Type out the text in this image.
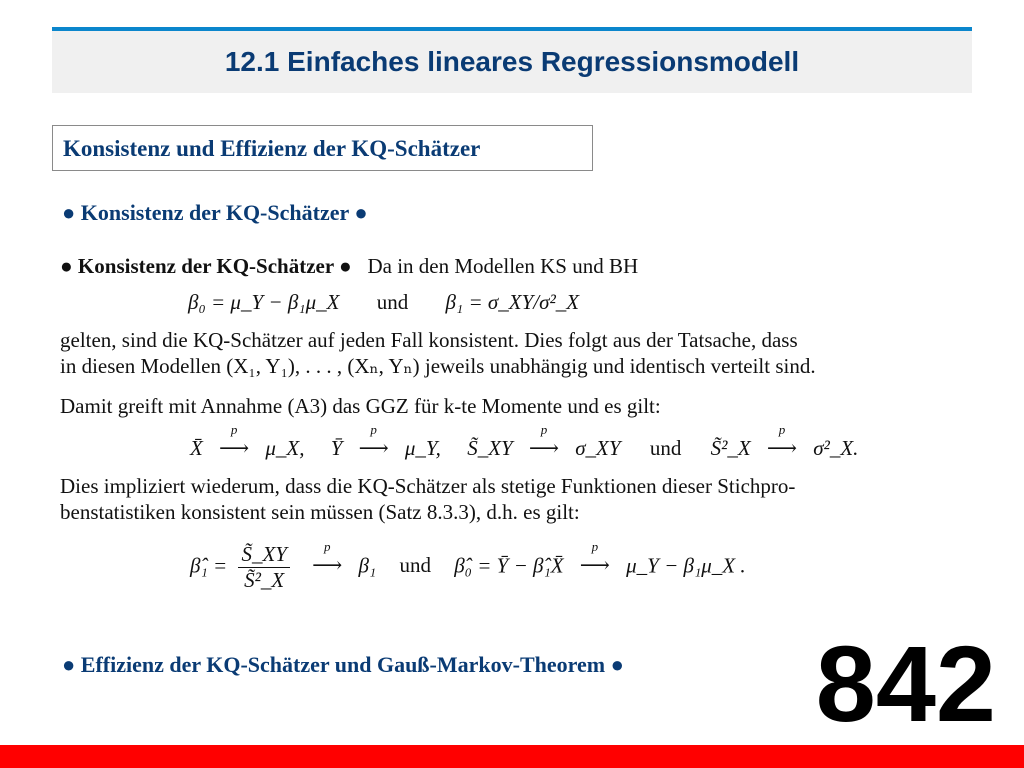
12.1 Einfaches lineares Regressionsmodell
Konsistenz und Effizienz der KQ-Schätzer
● Konsistenz der KQ-Schätzer ●
● Konsistenz der KQ-Schätzer ● Da in den Modellen KS und BH
β₀ = μ_Y − β₁μ_X und β₁ = σ_XY/σ²_X
gelten, sind die KQ-Schätzer auf jeden Fall konsistent. Dies folgt aus der Tatsache, dass
in diesen Modellen (X₁, Y₁), . . . , (Xₙ, Yₙ) jeweils unabhängig und identisch verteilt sind.
Damit greift mit Annahme (A3) das GGZ für k-te Momente und es gilt:
X̄
p
⟶ μ_X, Ȳ
p
⟶ μ_Y, S̃_XY
p
⟶ σ_XY und S̃²_X
p
⟶ σ²_X.
Dies impliziert wiederum, dass die KQ-Schätzer als stetige Funktionen dieser Stichpro-
benstatistiken konsistent sein müssen (Satz 8.3.3), d.h. es gilt:
β̂₁ = $\frac{S̃\_XY}{\text{S̃²\_X}}$
	p
⟶ β₁ und β̂₀ = Ȳ − β̂₁X̄
p
⟶ μ_Y − β₁μ_X .
● Effizienz der KQ-Schätzer und Gauß-Markov-Theorem ● 842
